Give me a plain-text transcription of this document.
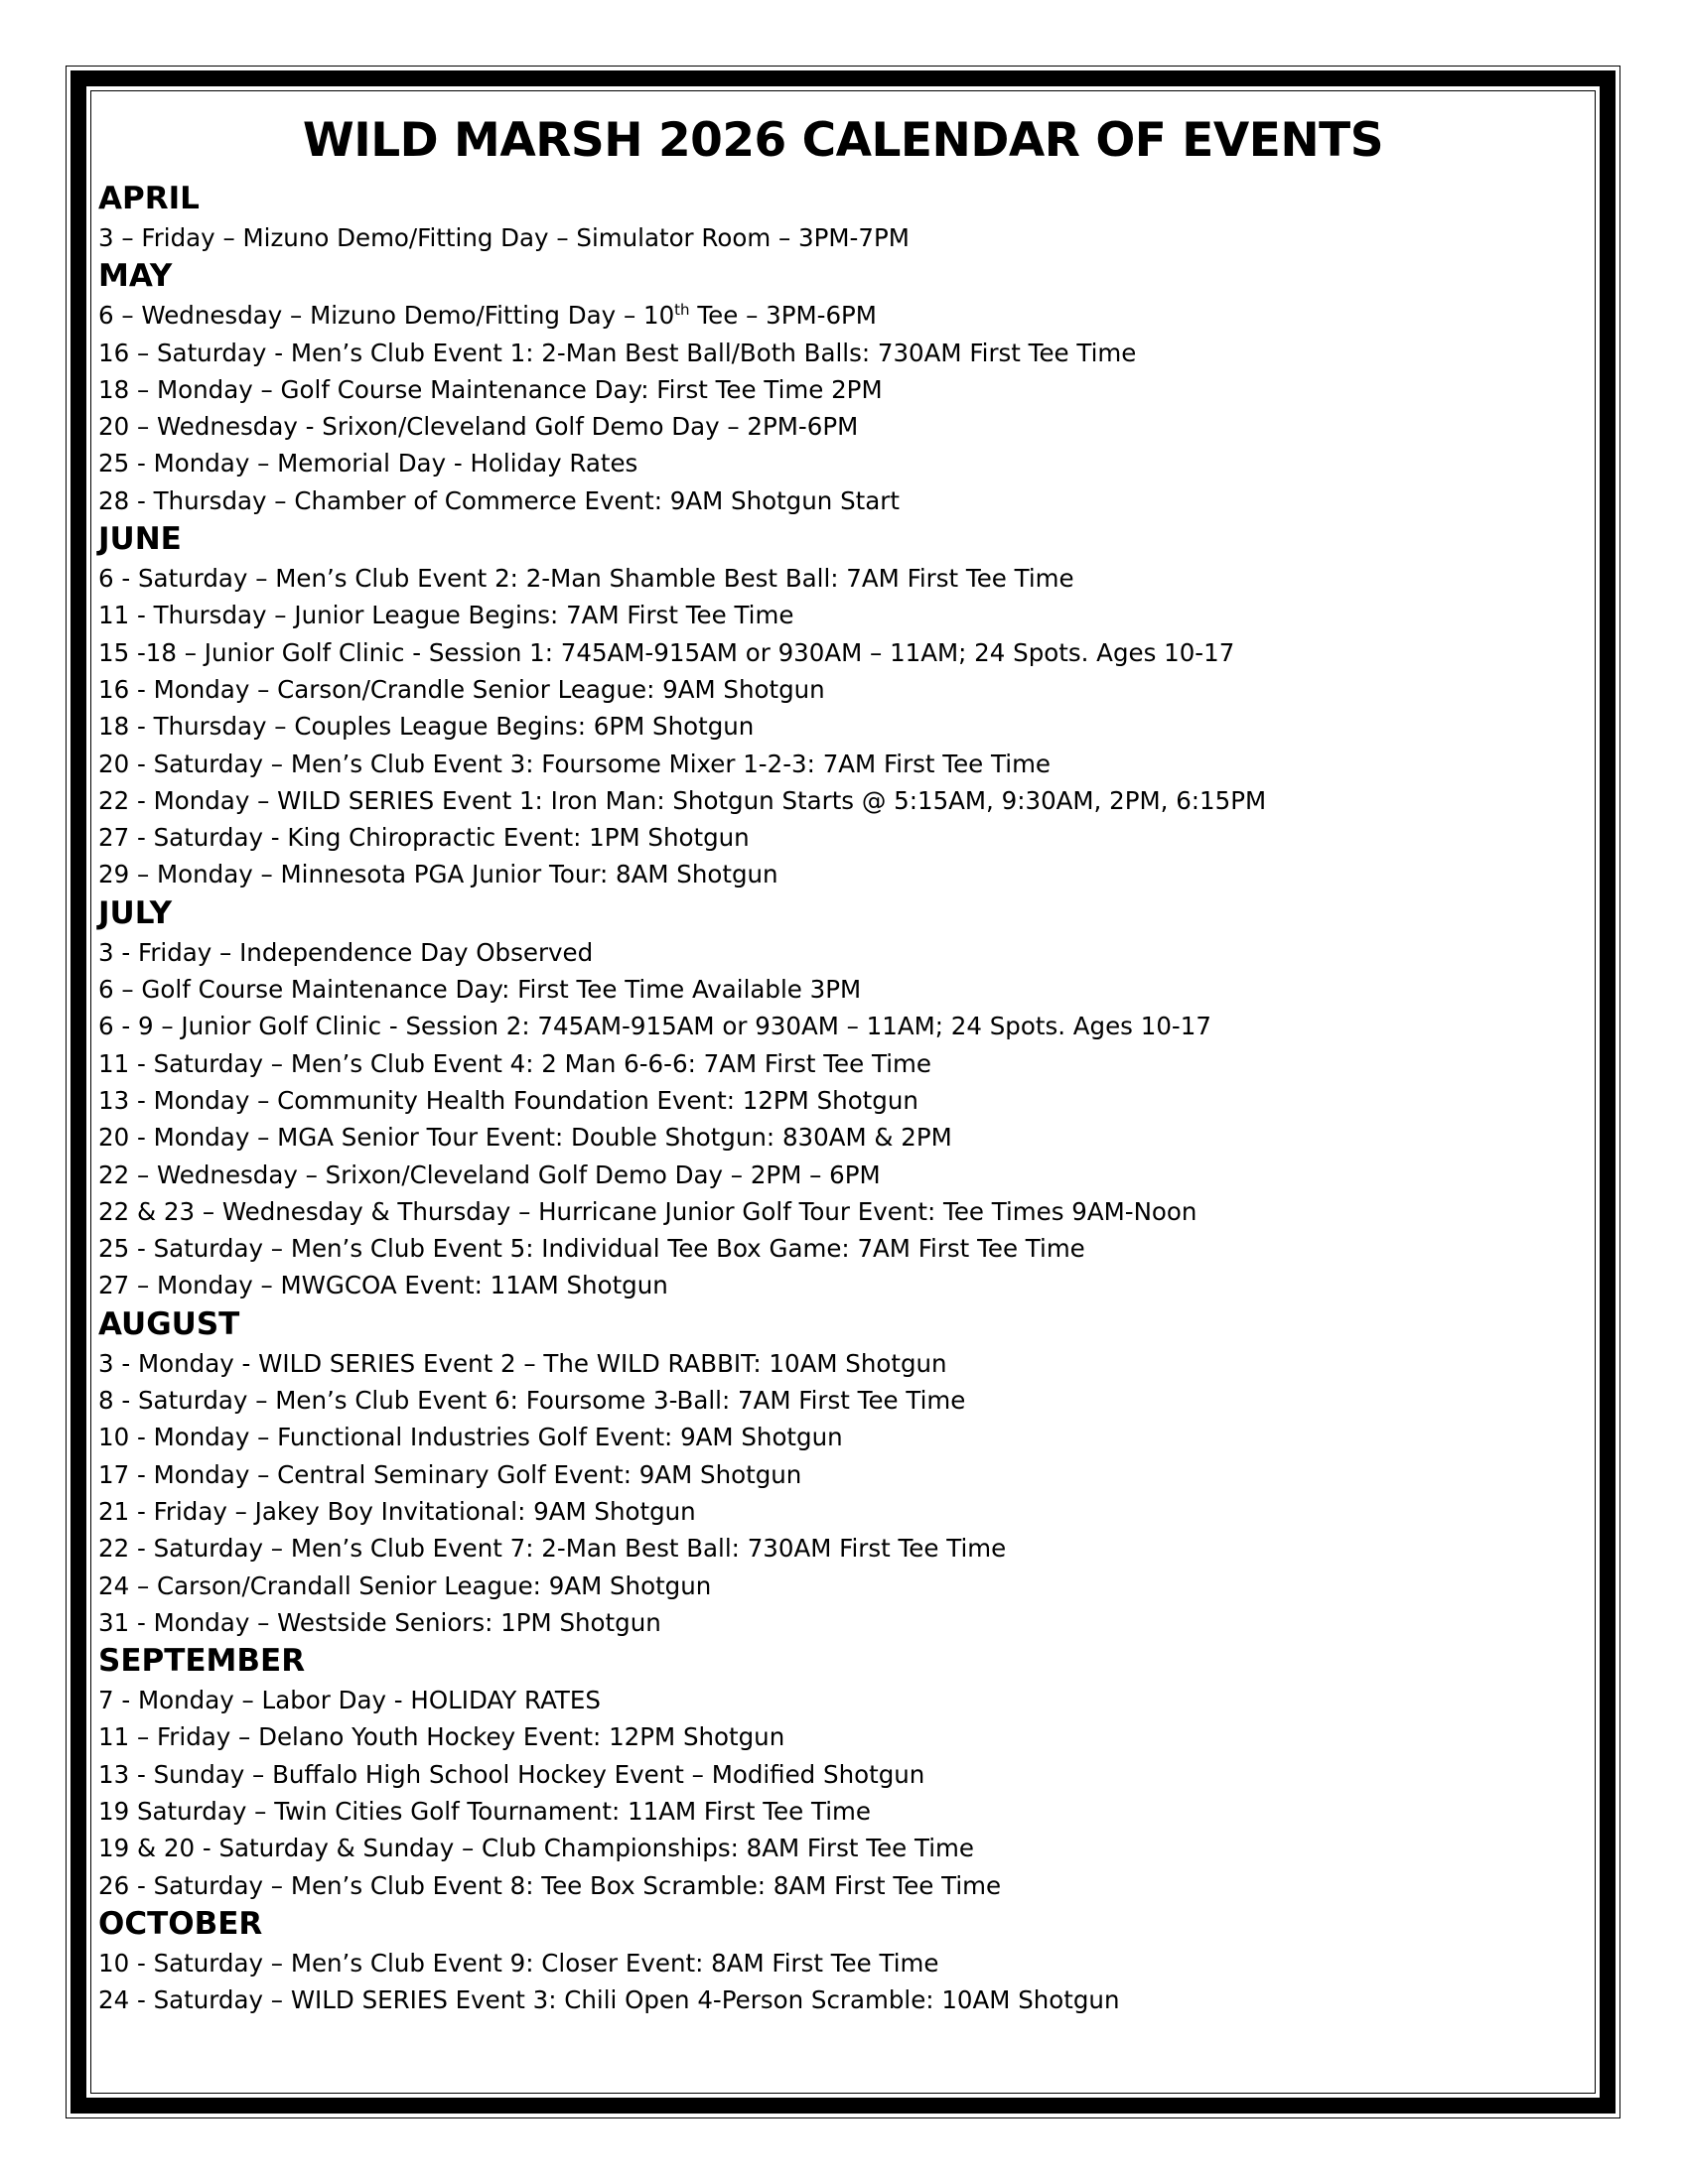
WILD MARSH 2026 CALENDAR OF EVENTS
APRIL

3 – Friday – Mizuno Demo/Fitting Day – Simulator Room – 3PM-7PM

MAY

6 – Wednesday – Mizuno Demo/Fitting Day – 10th Tee – 3PM-6PM

16 – Saturday - Men’s Club Event 1: 2-Man Best Ball/Both Balls: 730AM First Tee Time

18 – Monday – Golf Course Maintenance Day: First Tee Time 2PM

20 – Wednesday - Srixon/Cleveland Golf Demo Day – 2PM-6PM

25 - Monday – Memorial Day - Holiday Rates

28 - Thursday – Chamber of Commerce Event: 9AM Shotgun Start

JUNE

6 - Saturday – Men’s Club Event 2: 2-Man Shamble Best Ball: 7AM First Tee Time

11 - Thursday – Junior League Begins: 7AM First Tee Time

15 -18 – Junior Golf Clinic - Session 1: 745AM-915AM or 930AM – 11AM; 24 Spots. Ages 10-17

16 - Monday – Carson/Crandle Senior League: 9AM Shotgun

18 - Thursday – Couples League Begins: 6PM Shotgun

20 - Saturday – Men’s Club Event 3: Foursome Mixer 1-2-3: 7AM First Tee Time

22 - Monday – WILD SERIES Event 1: Iron Man: Shotgun Starts @ 5:15AM, 9:30AM, 2PM, 6:15PM

27 - Saturday - King Chiropractic Event: 1PM Shotgun

29 – Monday – Minnesota PGA Junior Tour: 8AM Shotgun

JULY

3 - Friday – Independence Day Observed

6 – Golf Course Maintenance Day: First Tee Time Available 3PM

6 - 9 – Junior Golf Clinic - Session 2: 745AM-915AM or 930AM – 11AM; 24 Spots. Ages 10-17

11 - Saturday – Men’s Club Event 4: 2 Man 6-6-6: 7AM First Tee Time

13 - Monday – Community Health Foundation Event: 12PM Shotgun

20 - Monday – MGA Senior Tour Event: Double Shotgun: 830AM & 2PM

22 – Wednesday – Srixon/Cleveland Golf Demo Day – 2PM – 6PM

22 & 23 – Wednesday & Thursday – Hurricane Junior Golf Tour Event: Tee Times 9AM-Noon

25 - Saturday – Men’s Club Event 5: Individual Tee Box Game: 7AM First Tee Time

27 – Monday – MWGCOA Event: 11AM Shotgun

AUGUST

3 - Monday - WILD SERIES Event 2 – The WILD RABBIT: 10AM Shotgun

8 - Saturday – Men’s Club Event 6: Foursome 3-Ball: 7AM First Tee Time

10 - Monday – Functional Industries Golf Event: 9AM Shotgun

17 - Monday – Central Seminary Golf Event: 9AM Shotgun

21 - Friday – Jakey Boy Invitational: 9AM Shotgun

22 - Saturday – Men’s Club Event 7: 2-Man Best Ball: 730AM First Tee Time

24 – Carson/Crandall Senior League: 9AM Shotgun

31 - Monday – Westside Seniors: 1PM Shotgun

SEPTEMBER

7 - Monday – Labor Day - HOLIDAY RATES

11 – Friday – Delano Youth Hockey Event: 12PM Shotgun

13 - Sunday – Buffalo High School Hockey Event – Modified Shotgun

19 Saturday – Twin Cities Golf Tournament: 11AM First Tee Time

19 & 20 - Saturday & Sunday – Club Championships: 8AM First Tee Time

26 - Saturday – Men’s Club Event 8: Tee Box Scramble: 8AM First Tee Time

OCTOBER

10 - Saturday – Men’s Club Event 9: Closer Event: 8AM First Tee Time

24 - Saturday – WILD SERIES Event 3: Chili Open 4-Person Scramble: 10AM Shotgun
